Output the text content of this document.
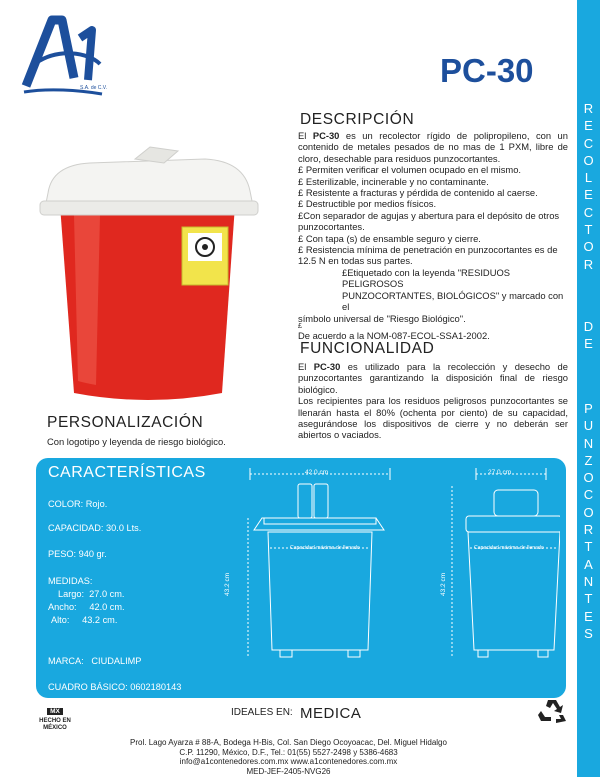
R
E
C
O
L
E
C
T
O
R
D
E
P
U
N
Z
O
C
O
R
T
A
N
T
E
S
S.A. de C.V.	PC-30
PERSONALIZACIÓN
Con logotipo y leyenda de riesgo biológico.
DESCRIPCIÓN

El PC-30 es un recolector rígido de polipropileno, con un contenido de metales pesados de no mas de 1 PXM, libre de cloro, desechable para residuos punzocortantes.

£ Permiten verificar el volumen ocupado en el mismo.

£ Esterilizable, incinerable y no contaminante.

£ Resistente a fracturas y pérdida de contenido al caerse.

£ Destructible por medios físicos.

£Con separador de agujas y abertura para el depósito de otros punzocortantes.

£ Con tapa (s) de ensamble seguro y cierre.

£ Resistencia mínima de penetración en punzocortantes es de 12.5 N en todas sus partes.

£Etiquetado con la leyenda "RESIDUOS PELIGROSOS

PUNZOCORTANTES, BIOLÓGICOS" y marcado con el

símbolo universal de "Riesgo Biológico".

£

De acuerdo a la NOM-087-ECOL-SSA1-2002.

FUNCIONALIDAD

El PC-30 es utilizado para la recolección y desecho de punzocortantes garantizando la disposición final de riesgo biológico.

Los recipientes para los residuos peligrosos punzocortantes se llenarán hasta el 80% (ochenta por ciento) de su capacidad, asegurándose los dispositivos de cierre y no deberán ser abiertos o vaciados.

CARACTERÍSTICAS
COLOR: Rojo.
CAPACIDAD: 30.0 Lts.
PESO: 940 gr.
MEDIDAS:
Largo: 27.0 cm.
Ancho: 42.0 cm.
Alto: 43.2 cm.
MARCA: CIUDALIMP
CUADRO BÁSICO: 0602180143
42.0 cm	27.0 cm
Capacidad máxima de llenado	Capacidad máxima de llenado
43.2 cm	43.2 cm
MX
HECHO EN
MÉXICO
IDEALES EN: MEDICA
Prol. Lago Ayarza # 88-A, Bodega H-Bis, Col. San Diego Ocoyoacac, Del. Miguel Hidalgo
C.P. 11290, México, D.F., Tel.: 01(55) 5527-2498 y 5386-4683
info@a1contenedores.com.mx www.a1contenedores.com.mx
MED-JEF-2405-NVG26
